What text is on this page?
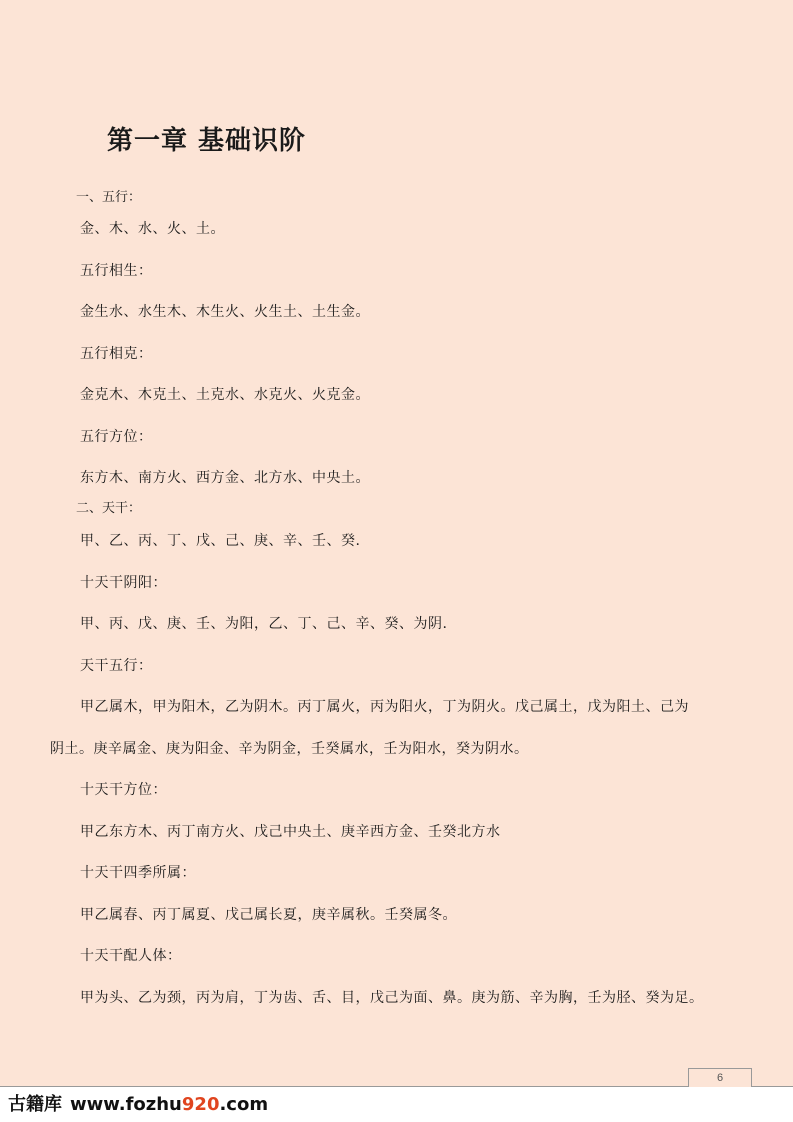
第一章 基础识阶
一、五行：
金、木、水、火、土。
五行相生：
金生水、水生木、木生火、火生土、土生金。
五行相克：
金克木、木克土、土克水、水克火、火克金。
五行方位：
东方木、南方火、西方金、北方水、中央土。
二、天干：
甲、乙、丙、丁、戊、己、庚、辛、壬、癸.
十天干阴阳：
甲、丙、戊、庚、壬、为阳，乙、丁、己、辛、癸、为阴.
天干五行：
甲乙属木，甲为阳木，乙为阴木。丙丁属火，丙为阳火，丁为阴火。戊己属土，戊为阳土、己为
阴土。庚辛属金、庚为阳金、辛为阴金，壬癸属水，壬为阳水，癸为阴水。
十天干方位：
甲乙东方木、丙丁南方火、戊己中央土、庚辛西方金、壬癸北方水
十天干四季所属：
甲乙属春、丙丁属夏、戊己属长夏，庚辛属秋。壬癸属冬。
十天干配人体：
甲为头、乙为颈，丙为肩，丁为齿、舌、目，戊己为面、鼻。庚为筋、辛为胸，壬为胫、癸为足。
6
古籍库 www.fozhu920.com
